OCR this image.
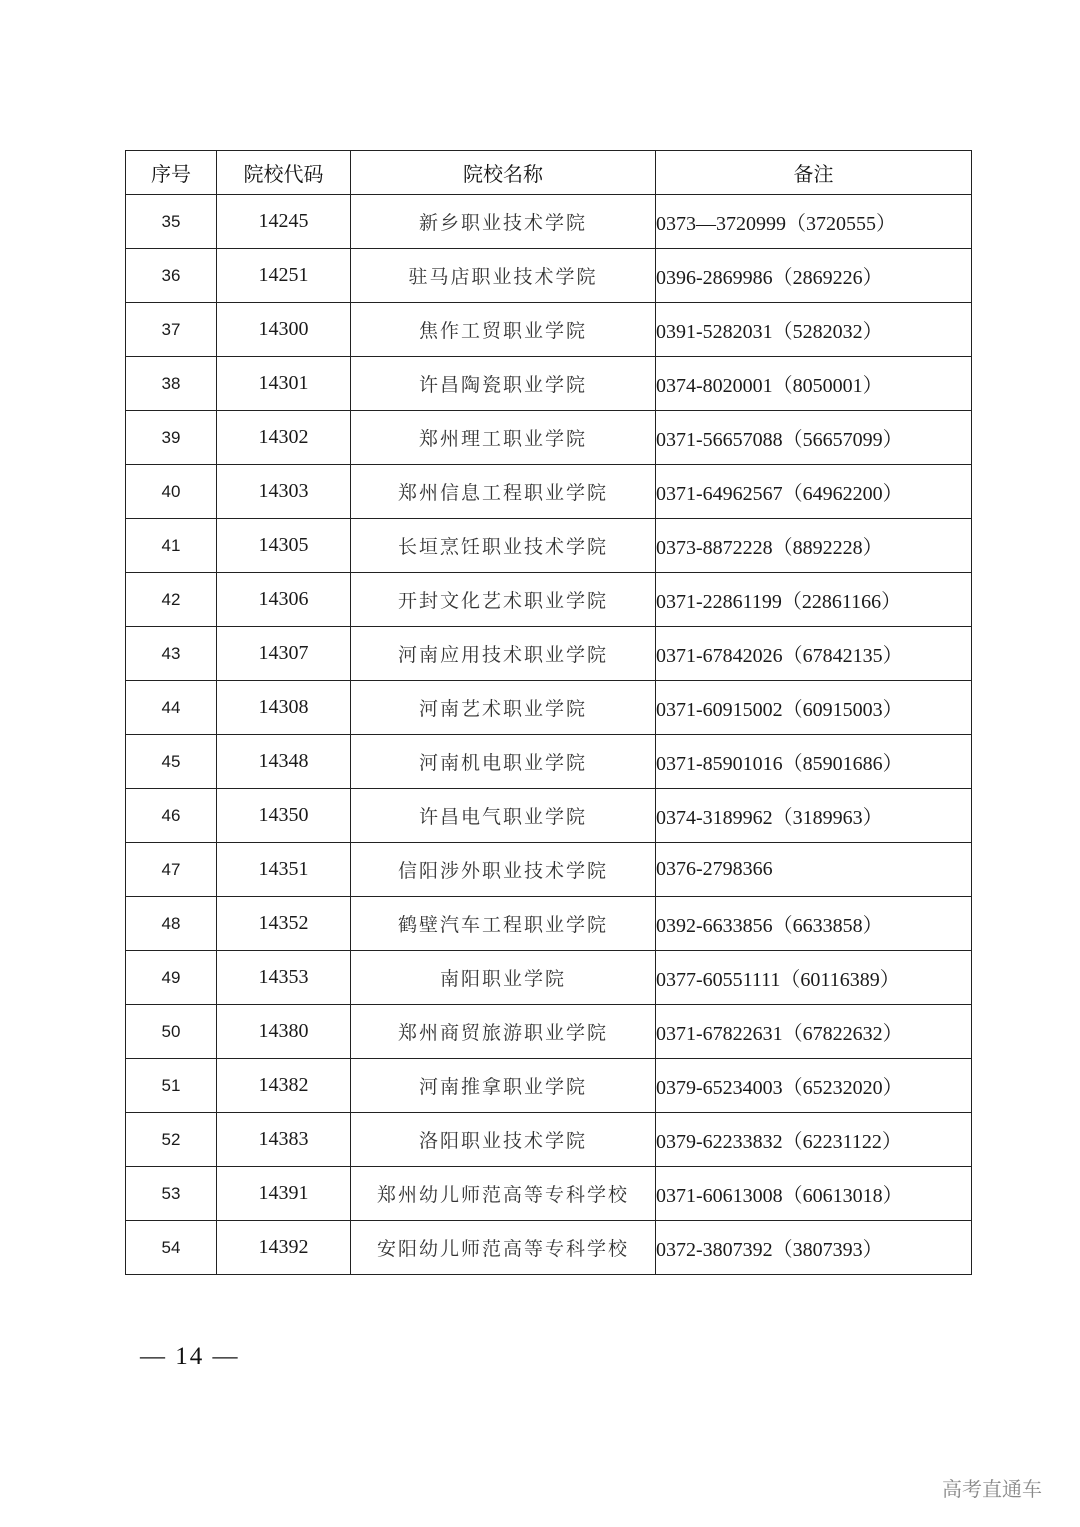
序号	院校代码	院校名称	备注
35	14245	新乡职业技术学院	0373—3720999（3720555）
36	14251	驻马店职业技术学院	0396-2869986（2869226）
37	14300	焦作工贸职业学院	0391-5282031（5282032）
38	14301	许昌陶瓷职业学院	0374-8020001（8050001）
39	14302	郑州理工职业学院	0371-56657088（56657099）
40	14303	郑州信息工程职业学院	0371-64962567（64962200）
41	14305	长垣烹饪职业技术学院	0373-8872228（8892228）
42	14306	开封文化艺术职业学院	0371-22861199（22861166）
43	14307	河南应用技术职业学院	0371-67842026（67842135）
44	14308	河南艺术职业学院	0371-60915002（60915003）
45	14348	河南机电职业学院	0371-85901016（85901686）
46	14350	许昌电气职业学院	0374-3189962（3189963）
47	14351	信阳涉外职业技术学院	0376-2798366
48	14352	鹤壁汽车工程职业学院	0392-6633856（6633858）
49	14353	南阳职业学院	0377-60551111（60116389）
50	14380	郑州商贸旅游职业学院	0371-67822631（67822632）
51	14382	河南推拿职业学院	0379-65234003（65232020）
52	14383	洛阳职业技术学院	0379-62233832（62231122）
53	14391	郑州幼儿师范高等专科学校	0371-60613008（60613018）
54	14392	安阳幼儿师范高等专科学校	0372-3807392（3807393）
— 14 —
高考直通车
